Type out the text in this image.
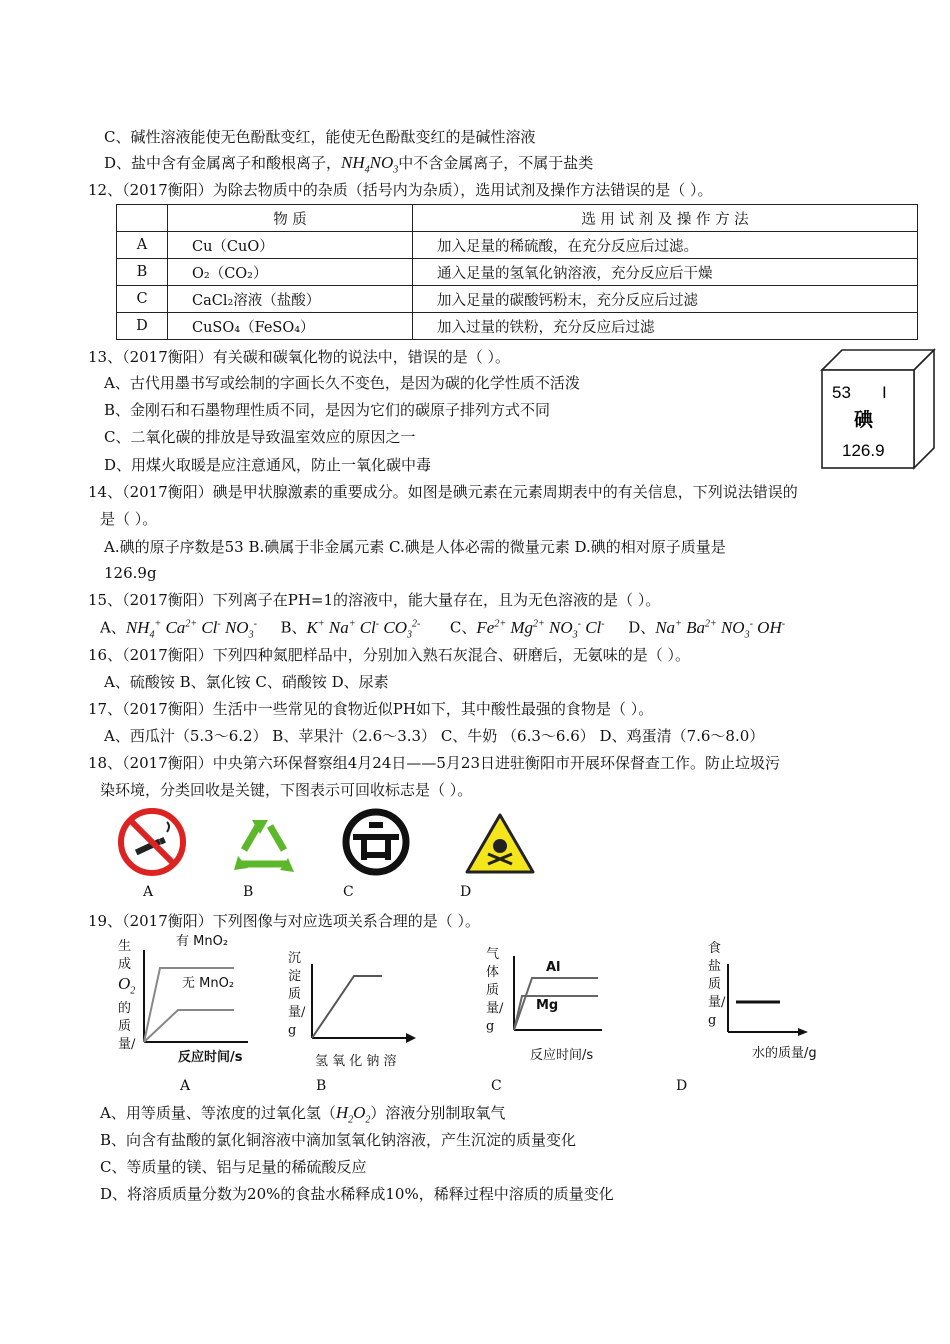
C、碱性溶液能使无色酚酞变红，能使无色酚酞变红的是碱性溶液
D、盐中含有金属离子和酸根离子，$NH_4NO_3$中不含金属离子，不属于盐类
12、（2017衡阳）为除去物质中的杂质（括号内为杂质），选用试剂及操作方法错误的是（ ）。
	物 质	选 用 试 剂 及 操 作 方 法
A	Cu（CuO）	加入足量的稀硫酸，在充分反应后过滤。
B	O₂（CO₂）	通入足量的氢氧化钠溶液，充分反应后干燥
C	CaCl₂溶液（盐酸）	加入足量的碳酸钙粉末，充分反应后过滤
D	CuSO₄（FeSO₄）	加入过量的铁粉，充分反应后过滤
13、（2017衡阳）有关碳和碳氧化物的说法中，错误的是（ ）。
A、古代用墨书写或绘制的字画长久不变色，是因为碳的化学性质不活泼
B、金刚石和石墨物理性质不同，是因为它们的碳原子排列方式不同
C、二氧化碳的排放是导致温室效应的原因之一
D、用煤火取暖是应注意通风，防止一氧化碳中毒
53 I
碘
126.9
14、（2017衡阳）碘是甲状腺激素的重要成分。如图是碘元素在元素周期表中的有关信息，下列说法错误的
是（ ）。
A.碘的原子序数是53 B.碘属于非金属元素 C.碘是人体必需的微量元素 D.碘的相对原子质量是
126.9g
15、（2017衡阳）下列离子在PH=1的溶液中，能大量存在，且为无色溶液的是（ ）。
A、$NH_4^+$ $Ca^{2+}$ Cl- $NO_3^-$ B、K+ Na+ Cl- $CO_3^{2-}$ C、$Fe^{2+}$ $Mg^{2+}$ $NO_3^-$ Cl- D、Na+ $Ba^{2+}$ $NO_3^-$ OH-
16、（2017衡阳）下列四种氮肥样品中，分别加入熟石灰混合、研磨后，无氨味的是（ ）。
A、硫酸铵 B、氯化铵 C、硝酸铵 D、尿素
17、（2017衡阳）生活中一些常见的食物近似PH如下，其中酸性最强的食物是（ ）。
A、西瓜汁（5.3～6.2） B、苹果汁（2.6～3.3） C、牛奶 （6.3～6.6） D、鸡蛋清（7.6～8.0）
18、（2017衡阳）中央第六环保督察组4月24日——5月23日进驻衡阳市开展环保督查工作。防止垃圾污
染环境，分类回收是关键，下图表示可回收标志是（ ）。
A	B	C	D
19、（2017衡阳）下列图像与对应选项关系合理的是（ ）。
生成
$O_2$
的质量/
有 MnO₂
无 MnO₂
反应时间/s
沉淀质量/g
氢 氧 化 钠 溶
气体质量/g
Al
Mg
反应时间/s
食盐质量/g
水的质量/g
A	B	C	D
A、用等质量、等浓度的过氧化氢$(H_2O_2)$溶液分别制取氧气
B、向含有盐酸的氯化铜溶液中滴加氢氧化钠溶液，产生沉淀的质量变化
C、等质量的镁、铝与足量的稀硫酸反应
D、将溶质质量分数为20%的食盐水稀释成10%，稀释过程中溶质的质量变化
